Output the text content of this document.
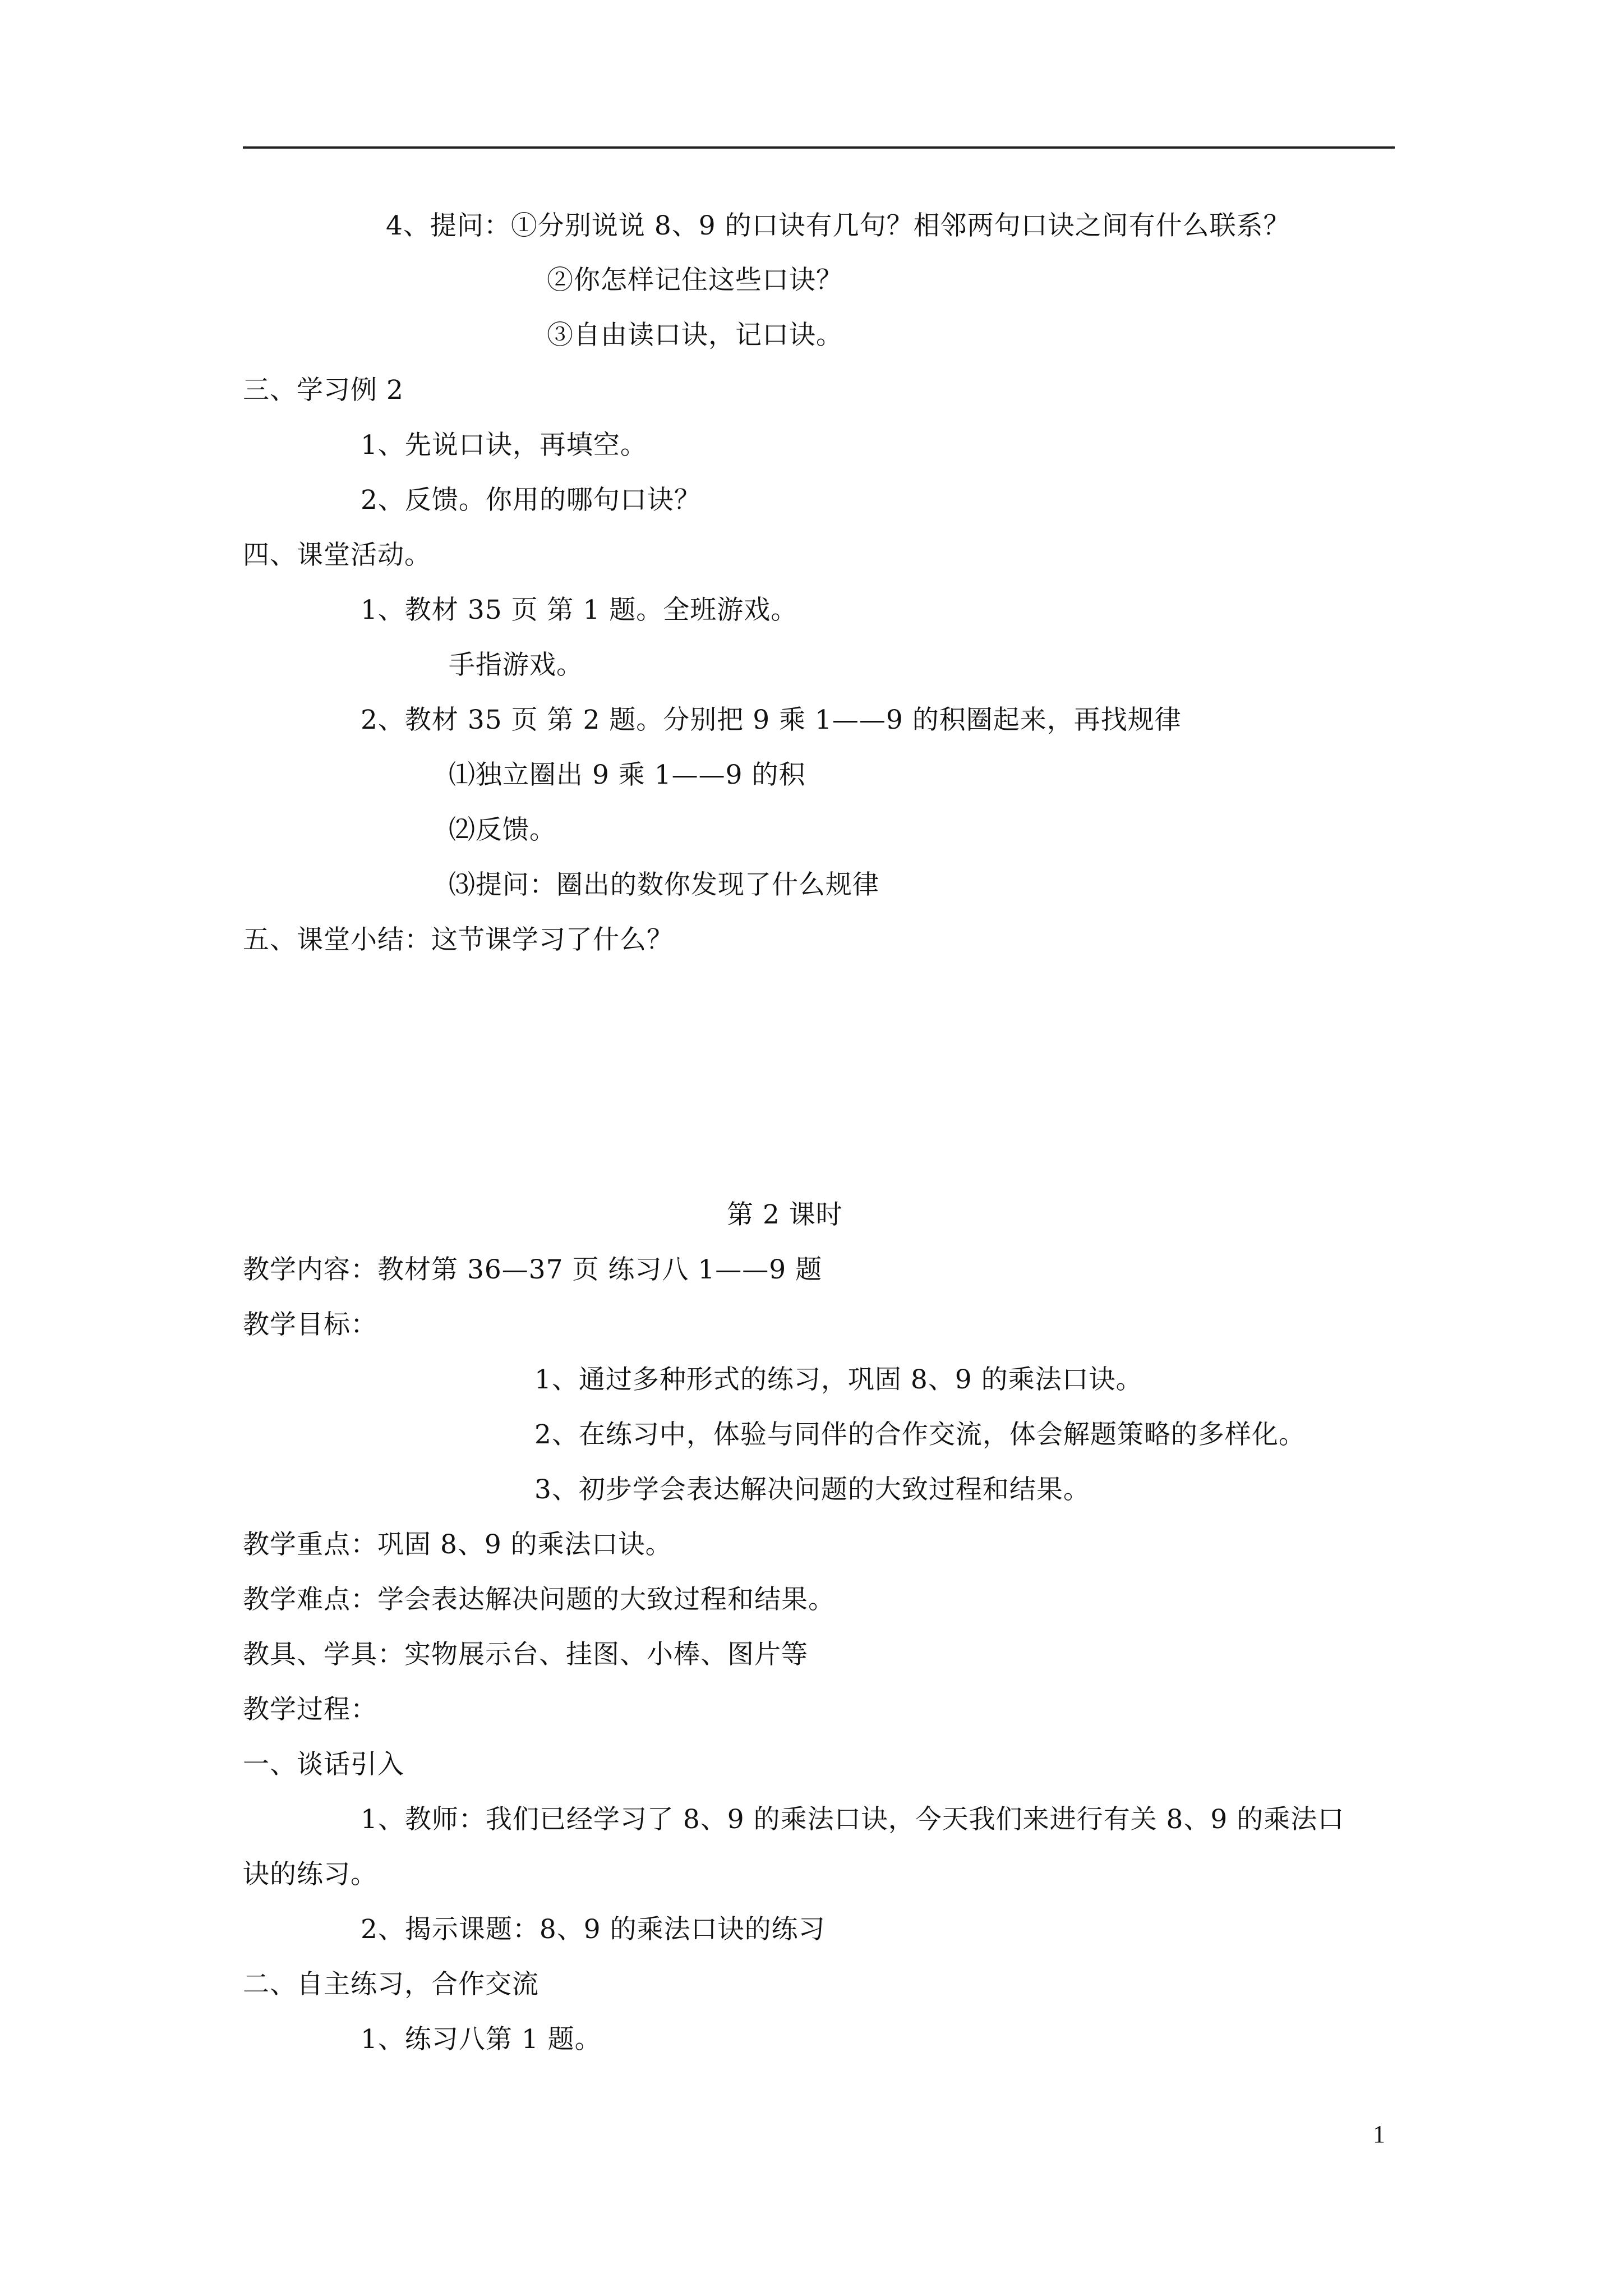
4、提问：①分别说说 8、9 的口诀有几句？相邻两句口诀之间有什么联系？
②你怎样记住这些口诀？
③自由读口诀，记口诀。
三、学习例 2
1、先说口诀，再填空。
2、反馈。你用的哪句口诀？
四、课堂活动。
1、教材 35 页 第 1 题。全班游戏。
手指游戏。
2、教材 35 页 第 2 题。分别把 9 乘 1——9 的积圈起来，再找规律
⑴独立圈出 9 乘 1——9 的积
⑵反馈。
⑶提问：圈出的数你发现了什么规律
五、课堂小结：这节课学习了什么？
第 2 课时
教学内容：教材第 36—37 页 练习八 1——9 题
教学目标：
1、通过多种形式的练习，巩固 8、9 的乘法口诀。
2、在练习中，体验与同伴的合作交流，体会解题策略的多样化。
3、初步学会表达解决问题的大致过程和结果。
教学重点：巩固 8、9 的乘法口诀。
教学难点：学会表达解决问题的大致过程和结果。
教具、学具：实物展示台、挂图、小棒、图片等
教学过程：
一、谈话引入
1、教师：我们已经学习了 8、9 的乘法口诀，今天我们来进行有关 8、9 的乘法口
诀的练习。
2、揭示课题：8、9 的乘法口诀的练习
二、自主练习，合作交流
1、练习八第 1 题。
1
